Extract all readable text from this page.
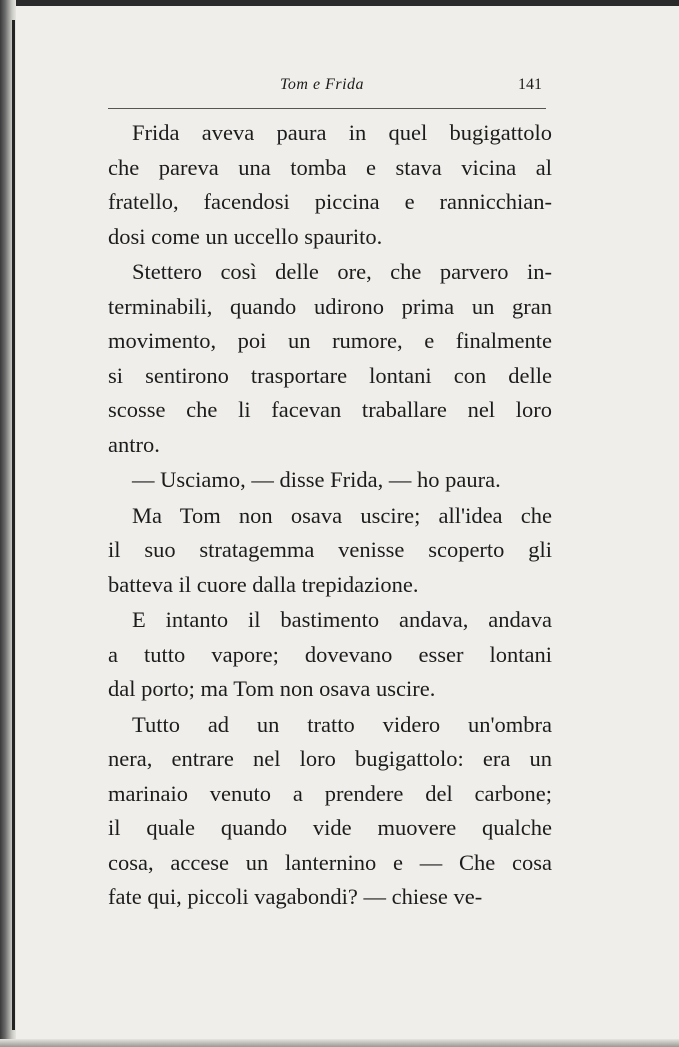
Tom e Frida	141
Frida aveva paura in quel bugigattolo
che pareva una tomba e stava vicina al
fratello, facendosi piccina e rannicchian-
dosi come un uccello spaurito.
Stettero così delle ore, che parvero in-
terminabili, quando udirono prima un gran
movimento, poi un rumore, e finalmente
si sentirono trasportare lontani con delle
scosse che li facevan traballare nel loro
antro.
— Usciamo, — disse Frida, — ho paura.
Ma Tom non osava uscire; all'idea che
il suo stratagemma venisse scoperto gli
batteva il cuore dalla trepidazione.
E intanto il bastimento andava, andava
a tutto vapore; dovevano esser lontani
dal porto; ma Tom non osava uscire.
Tutto ad un tratto videro un'ombra
nera, entrare nel loro bugigattolo: era un
marinaio venuto a prendere del carbone;
il quale quando vide muovere qualche
cosa, accese un lanternino e — Che cosa
fate qui, piccoli vagabondi? — chiese ve-
